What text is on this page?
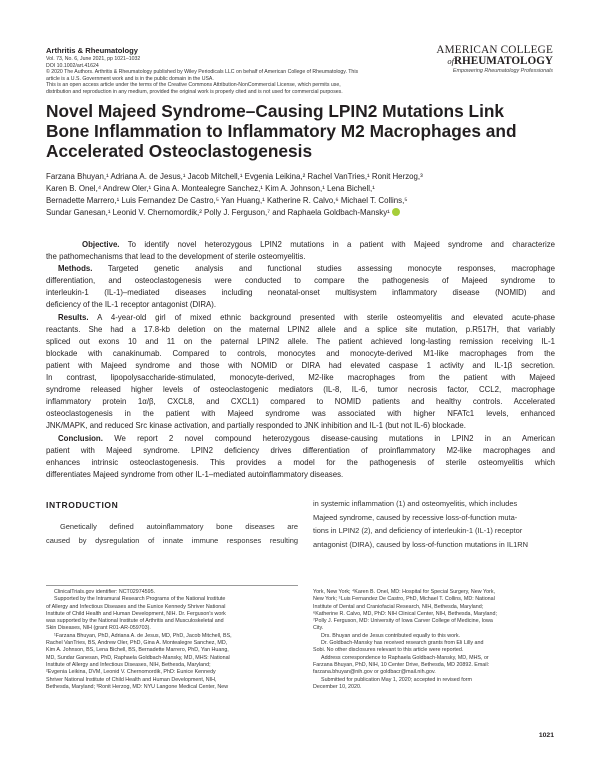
Arthritis & Rheumatology
Vol. 73, No. 6, June 2021, pp 1021–1032
DOI 10.1002/art.41624
© 2020 The Authors. Arthritis & Rheumatology published by Wiley Periodicals LLC on behalf of American College of Rheumatology. This
article is a U.S. Government work and is in the public domain in the USA.
This is an open access article under the terms of the Creative Commons Attribution-NonCommercial License, which permits use,
distribution and reproduction in any medium, provided the original work is properly cited and is not used for commercial purposes.
AMERICAN COLLEGE
ofRHEUMATOLOGY
Empowering Rheumatology Professionals
Novel Majeed Syndrome–Causing LPIN2 Mutations Link
Bone Inflammation to Inflammatory M2 Macrophages and
Accelerated Osteoclastogenesis
Farzana Bhuyan,¹ Adriana A. de Jesus,¹ Jacob Mitchell,¹ Evgenia Leikina,² Rachel VanTries,¹ Ronit Herzog,³
Karen B. Onel,⁴ Andrew Oler,¹ Gina A. Montealegre Sanchez,¹ Kim A. Johnson,¹ Lena Bichell,¹
Bernadette Marrero,¹ Luis Fernandez De Castro,⁵ Yan Huang,¹ Katherine R. Calvo,⁶ Michael T. Collins,⁵
Sundar Ganesan,¹ Leonid V. Chernomordik,² Polly J. Ferguson,⁷ and Raphaela Goldbach-Mansky¹

Objective. To identify novel heterozygous LPIN2 mutations in a patient with Majeed syndrome and characterize
the pathomechanisms that lead to the development of sterile osteomyelitis.

Methods. Targeted genetic analysis and functional studies assessing monocyte responses, macrophage
differentiation, and osteoclastogenesis were conducted to compare the pathogenesis of Majeed syndrome to
interleukin-1 (IL-1)–mediated diseases including neonatal-onset multisystem inflammatory disease (NOMID) and
deficiency of the IL-1 receptor antagonist (DIRA).

Results. A 4-year-old girl of mixed ethnic background presented with sterile osteomyelitis and elevated acute-phase
reactants. She had a 17.8-kb deletion on the maternal LPIN2 allele and a splice site mutation, p.R517H, that variably
spliced out exons 10 and 11 on the paternal LPIN2 allele. The patient achieved long-lasting remission receiving IL-1
blockade with canakinumab. Compared to controls, monocytes and monocyte-derived M1-like macrophages from the
patient with Majeed syndrome and those with NOMID or DIRA had elevated caspase 1 activity and IL-1β secretion.
In contrast, lipopolysaccharide-stimulated, monocyte-derived, M2-like macrophages from the patient with Majeed
syndrome released higher levels of osteoclastogenic mediators (IL-8, IL-6, tumor necrosis factor, CCL2, macrophage
inflammatory protein 1α/β, CXCL8, and CXCL1) compared to NOMID patients and healthy controls. Accelerated
osteoclastogenesis in the patient with Majeed syndrome was associated with higher NFATc1 levels, enhanced
JNK/MAPK, and reduced Src kinase activation, and partially responded to JNK inhibition and IL-1 (but not IL-6) blockade.

Conclusion. We report 2 novel compound heterozygous disease-causing mutations in LPIN2 in an American
patient with Majeed syndrome. LPIN2 deficiency drives differentiation of proinflammatory M2-like macrophages and
enhances intrinsic osteoclastogenesis. This provides a model for the pathogenesis of sterile osteomyelitis which
differentiates Majeed syndrome from other IL-1–mediated autoinflammatory diseases.

INTRODUCTION
Genetically defined autoinflammatory bone diseases are
caused by dysregulation of innate immune responses resulting
in systemic inflammation (1) and osteomyelitis, which includes
Majeed syndrome, caused by recessive loss-of-function muta-
tions in LPIN2 (2), and deficiency of interleukin-1 (IL-1) receptor
antagonist (DIRA), caused by loss-of-function mutations in IL1RN
ClinicalTrials.gov identifier: NCT02974595.
Supported by the Intramural Research Programs of the National Institute
of Allergy and Infectious Diseases and the Eunice Kennedy Shriver National
Institute of Child Health and Human Development, NIH. Dr. Ferguson's work
was supported by the National Institute of Arthritis and Musculoskeletal and
Skin Diseases, NIH (grant R01-AR-059703).
¹Farzana Bhuyan, PhD, Adriana A. de Jesus, MD, PhD, Jacob Mitchell, BS,
Rachel VanTries, BS, Andrew Oler, PhD, Gina A. Montealegre Sanchez, MD,
Kim A. Johnson, BS, Lena Bichell, BS, Bernadette Marrero, PhD, Yan Huang,
MD, Sundar Ganesan, PhD, Raphaela Goldbach-Mansky, MD, MHS: National
Institute of Allergy and Infectious Diseases, NIH, Bethesda, Maryland;
²Evgenia Leikina, DVM, Leonid V. Chernomordik, PhD: Eunice Kennedy
Shriver National Institute of Child Health and Human Development, NIH,
Bethesda, Maryland; ³Ronit Herzog, MD: NYU Langone Medical Center, New
York, New York; ⁴Karen B. Onel, MD: Hospital for Special Surgery, New York,
New York; ⁵Luis Fernandez De Castro, PhD, Michael T. Collins, MD: National
Institute of Dental and Craniofacial Research, NIH, Bethesda, Maryland;
⁶Katherine R. Calvo, MD, PhD: NIH Clinical Center, NIH, Bethesda, Maryland;
⁷Polly J. Ferguson, MD: University of Iowa Carver College of Medicine, Iowa
City.
Drs. Bhuyan and de Jesus contributed equally to this work.
Dr. Goldbach-Mansky has received research grants from Eli Lilly and
Sobi. No other disclosures relevant to this article were reported.
Address correspondence to Raphaela Goldbach-Mansky, MD, MHS, or
Farzana Bhuyan, PhD, NIH, 10 Center Drive, Bethesda, MD 20892. Email:
farzana.bhuyan@nih.gov or goldbacr@mail.nih.gov.
Submitted for publication May 1, 2020; accepted in revised form
December 10, 2020.
1021
